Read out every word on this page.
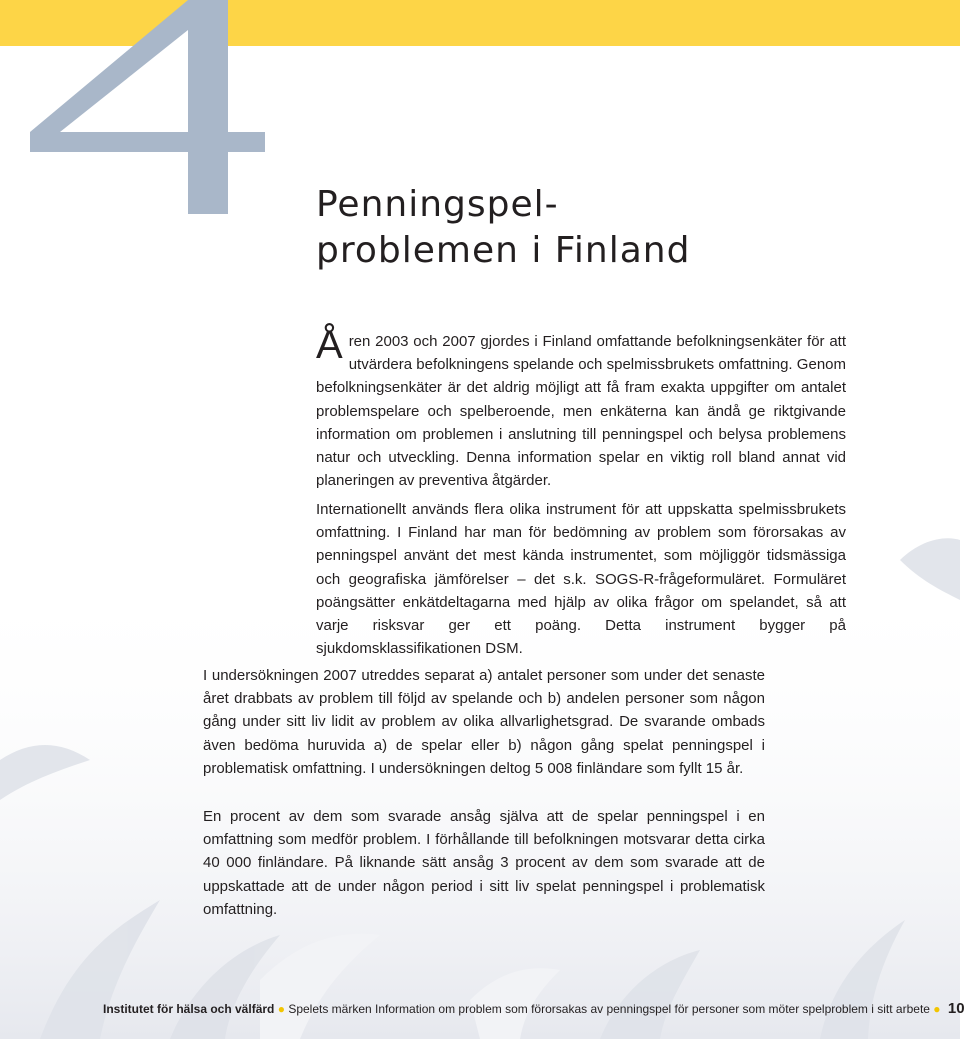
Penningspel-
problemen i Finland

Åren 2003 och 2007 gjordes i Finland omfattande befolkningsenkäter för att utvärdera befolkningens spelande och spelmissbrukets omfattning. Genom befolkningsenkäter är det aldrig möjligt att få fram exakta uppgifter om antalet problemspelare och spelberoende, men enkäterna kan ändå ge riktgivande information om problemen i anslutning till penningspel och belysa problemens natur och utveckling. Denna information spelar en viktig roll bland annat vid planeringen av preventiva åtgärder.

Internationellt används flera olika instrument för att uppskatta spelmissbrukets omfattning. I Finland har man för bedömning av problem som förorsakas av penningspel använt det mest kända instrumentet, som möjliggör tidsmässiga och geografiska jämförelser – det s.k. SOGS-R-frågeformuläret. Formuläret poängsätter enkätdeltagarna med hjälp av olika frågor om spelandet, så att varje risksvar ger ett poäng. Detta instrument bygger på sjukdomsklassifikationen DSM.

I undersökningen 2007 utreddes separat a) antalet personer som under det senaste året drabbats av problem till följd av spelande och b) andelen personer som någon gång under sitt liv lidit av problem av olika allvarlighetsgrad. De svarande ombads även bedöma huruvida a) de spelar eller b) någon gång spelat penningspel i problematisk omfattning. I undersökningen deltog 5 008 finländare som fyllt 15 år.

En procent av dem som svarade ansåg själva att de spelar penningspel i en omfattning som medför problem. I förhållande till befolkningen motsvarar detta cirka 40 000 finländare. På liknande sätt ansåg 3 procent av dem som svarade att de uppskattade att de under någon period i sitt liv spelat penningspel i problematisk omfattning.

Institutet för hälsa och välfärd ● Spelets märken Information om problem som förorsakas av penningspel för personer som möter spelproblem i sitt arbete ● 10
